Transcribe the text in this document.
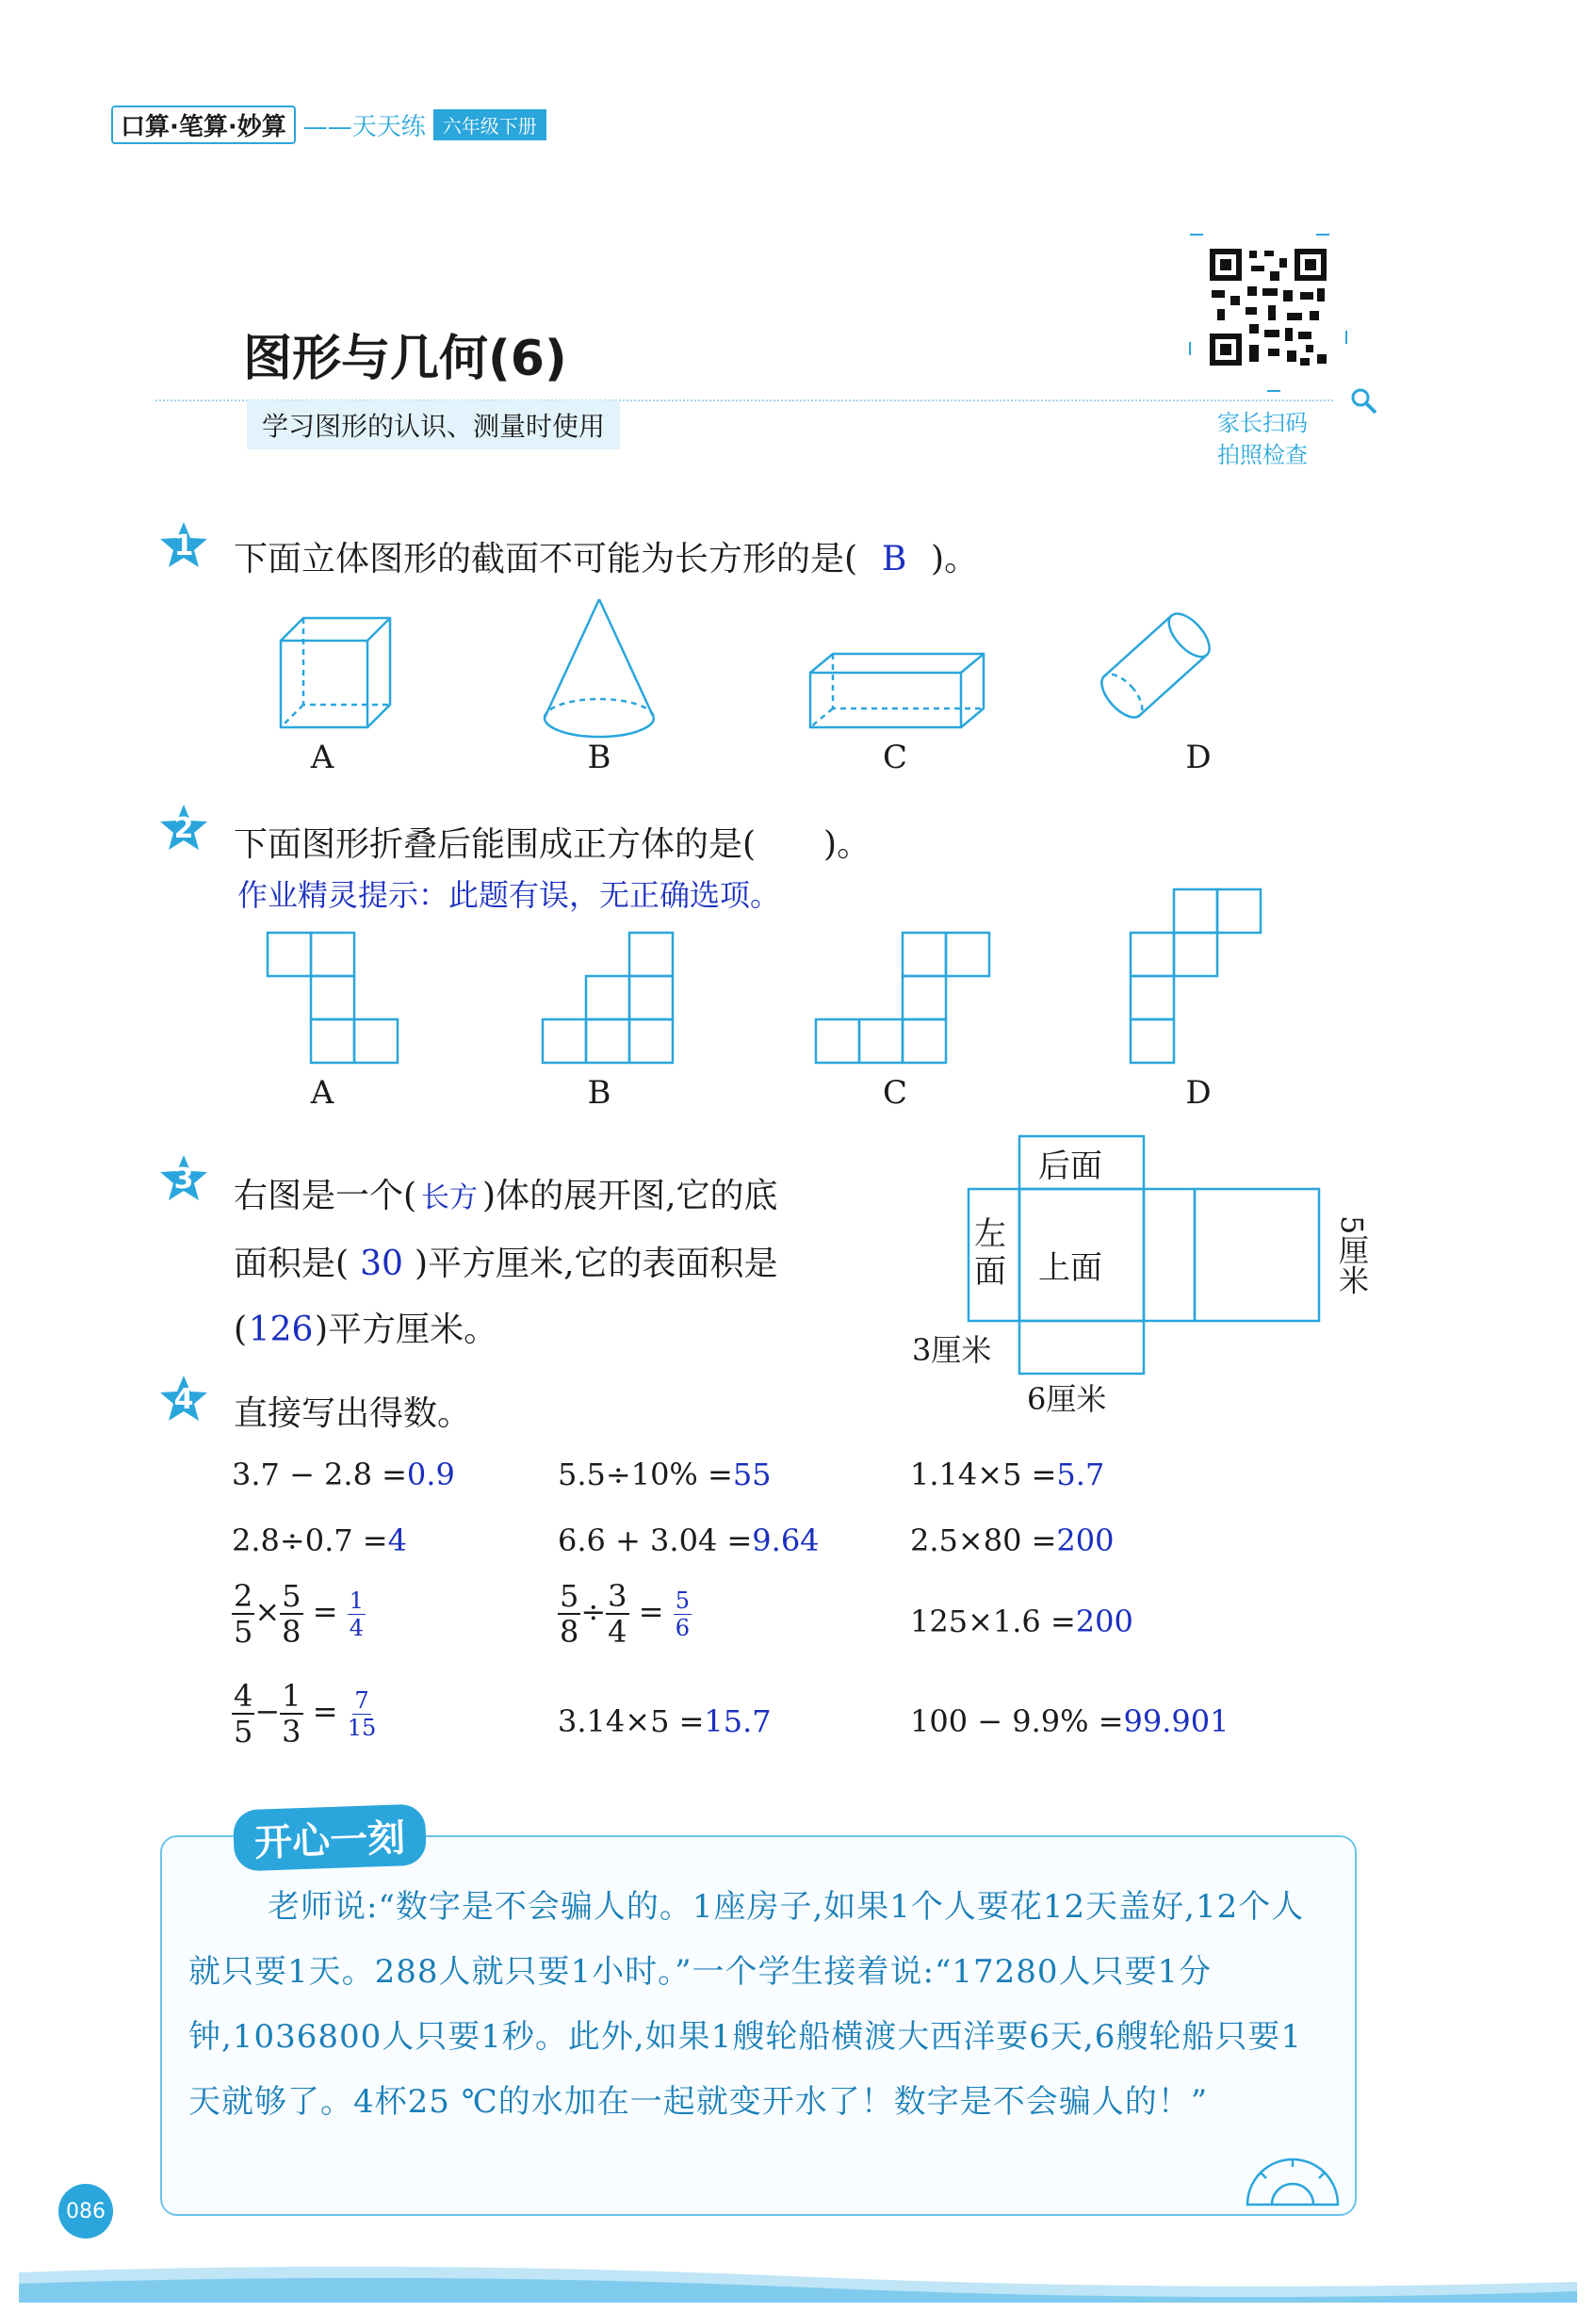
口算·笔算·妙算 ——天天练 六年级下册
图形与几何(6)
学习图形的认识、测量时使用	家长扫码
拍照检查
1 下面立体图形的截面不可能为长方形的是( B )。
A	B	C	D
2 下面图形折叠后能围成正方体的是(　　)。
作业精灵提示：此题有误，无正确选项。
A	B	C	D
3 右图是一个( 长方 )体的展开图,它的底
面积是( 30 )平方厘米,它的表面积是
(126)平方厘米。
后面
左
面 上面	5厘米
3厘米
6厘米
4 直接写出得数。
3.7 − 2.8 =0.9	5.5÷10% =55	1.14×5 =5.7
2.8÷0.7 =4	6.6 + 3.04 =9.64	2.5×80 =200
$\frac{2}{5} \times \frac{5}{8} = \frac{1}{4}$	$\frac{5}{8} \div \frac{3}{4} = \frac{5}{6}$	125×1.6 =200
$\frac{4}{5} - \frac{1}{3} = \frac{7}{15}$	3.14×5 =15.7	100 − 9.9% =99.901
开心一刻
老师说:“数字是不会骗人的。1座房子,如果1个人要花12天盖好,12个人就只要1天。288人就只要1小时。”一个学生接着说:“17280人只要1分钟,1036800人只要1秒。此外,如果1艘轮船横渡大西洋要6天,6艘轮船只要1天就够了。4杯25 ℃的水加在一起就变开水了！数字是不会骗人的！”
086
